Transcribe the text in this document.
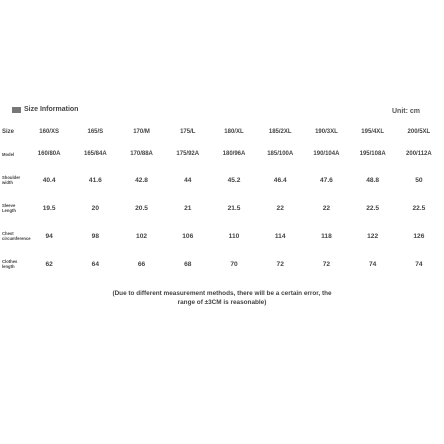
Size Information	Unit: cm
Size	160/XS	165/S	170/M	175/L	180/XL	185/2XL	190/3XL	195/4XL	200/5XL
Model	160/80A	165/84A	170/88A	175/92A	180/96A	185/100A	190/104A	195/108A	200/112A
Shoulder width	40.4	41.6	42.8	44	45.2	46.4	47.6	48.8	50
Sleeve Length	19.5	20	20.5	21	21.5	22	22	22.5	22.5
Chest circumference	94	98	102	106	110	114	118	122	126
Clothes length	62	64	66	68	70	72	72	74	74
(Due to different measurement methods, there will be a certain error, the
range of ±3CM is reasonable)
